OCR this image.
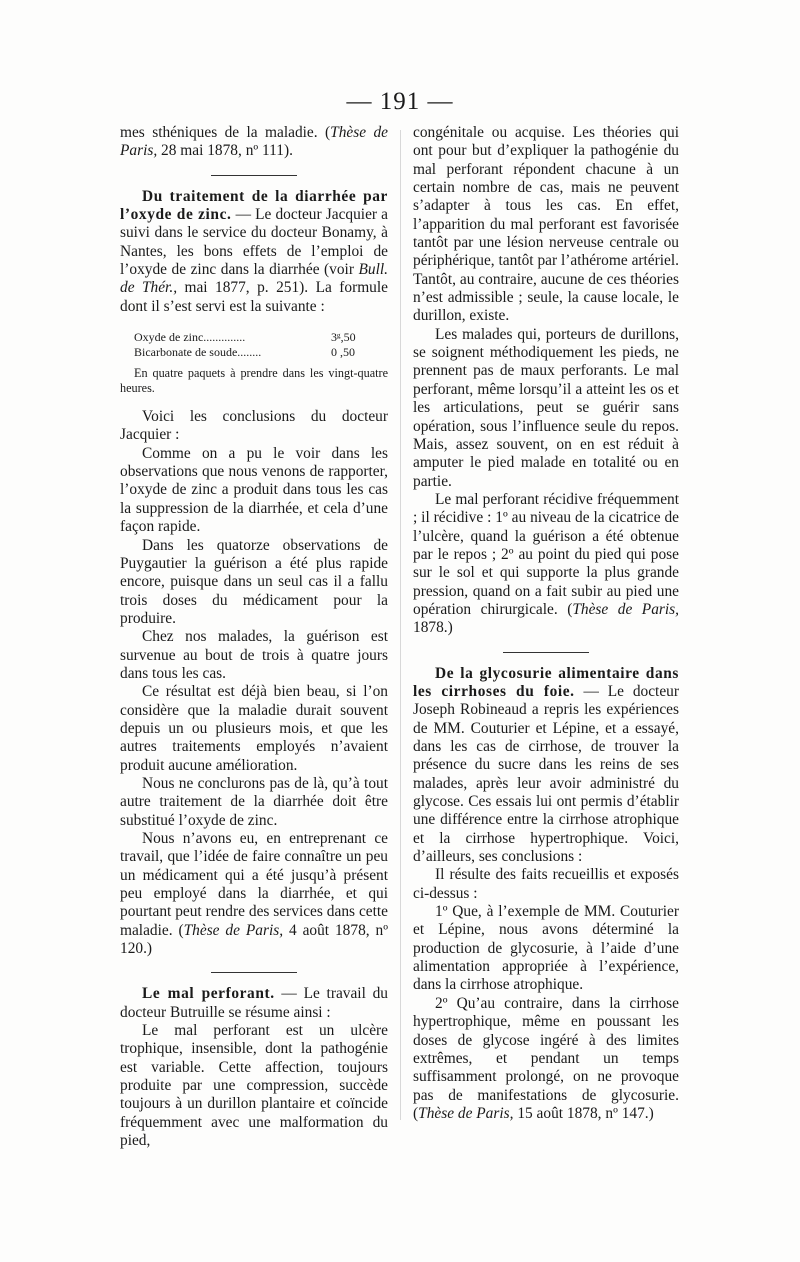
— 191 —

mes sthéniques de la maladie. (Thèse de Paris, 28 mai 1878, nº 111).

Du traitement de la diarrhée par l’oxyde de zinc. — Le docteur Jacquier a suivi dans le service du docteur Bonamy, à Nantes, les bons effets de l’emploi de l’oxyde de zinc dans la diarrhée (voir Bull. de Thér., mai 1877, p. 251). La formule dont il s’est servi est la suivante :

Oxyde de zinc..............	3ᵍ,50
Bicarbonate de soude........	0 ,50

En quatre paquets à prendre dans les vingt-quatre heures.

Voici les conclusions du docteur Jacquier :

Comme on a pu le voir dans les observations que nous venons de rapporter, l’oxyde de zinc a produit dans tous les cas la suppression de la diarrhée, et cela d’une façon rapide.

Dans les quatorze observations de Puygautier la guérison a été plus rapide encore, puisque dans un seul cas il a fallu trois doses du médicament pour la produire.

Chez nos malades, la guérison est survenue au bout de trois à quatre jours dans tous les cas.

Ce résultat est déjà bien beau, si l’on considère que la maladie durait souvent depuis un ou plusieurs mois, et que les autres traitements employés n’avaient produit aucune amélioration.

Nous ne conclurons pas de là, qu’à tout autre traitement de la diarrhée doit être substitué l’oxyde de zinc.

Nous n’avons eu, en entreprenant ce travail, que l’idée de faire connaître un peu un médicament qui a été jusqu’à présent peu employé dans la diarrhée, et qui pourtant peut rendre des services dans cette maladie. (Thèse de Paris, 4 août 1878, nº 120.)

Le mal perforant. — Le travail du docteur Butruille se résume ainsi :

Le mal perforant est un ulcère trophique, insensible, dont la pathogénie est variable. Cette affection, toujours produite par une compression, succède toujours à un durillon plantaire et coïncide fréquemment avec une malformation du pied,

congénitale ou acquise. Les théories qui ont pour but d’expliquer la pathogénie du mal perforant répondent chacune à un certain nombre de cas, mais ne peuvent s’adapter à tous les cas. En effet, l’apparition du mal perforant est favorisée tantôt par une lésion nerveuse centrale ou périphérique, tantôt par l’athérome artériel. Tantôt, au contraire, aucune de ces théories n’est admissible ; seule, la cause locale, le durillon, existe.

Les malades qui, porteurs de durillons, se soignent méthodiquement les pieds, ne prennent pas de maux perforants. Le mal perforant, même lorsqu’il a atteint les os et les articulations, peut se guérir sans opération, sous l’influence seule du repos. Mais, assez souvent, on en est réduit à amputer le pied malade en totalité ou en partie.

Le mal perforant récidive fréquemment ; il récidive : 1º au niveau de la cicatrice de l’ulcère, quand la guérison a été obtenue par le repos ; 2º au point du pied qui pose sur le sol et qui supporte la plus grande pression, quand on a fait subir au pied une opération chirurgicale. (Thèse de Paris, 1878.)

De la glycosurie alimentaire dans les cirrhoses du foie. — Le docteur Joseph Robineaud a repris les expériences de MM. Couturier et Lépine, et a essayé, dans les cas de cirrhose, de trouver la présence du sucre dans les reins de ses malades, après leur avoir administré du glycose. Ces essais lui ont permis d’établir une différence entre la cirrhose atrophique et la cirrhose hypertrophique. Voici, d’ailleurs, ses conclusions :

Il résulte des faits recueillis et exposés ci-dessus :

1º Que, à l’exemple de MM. Couturier et Lépine, nous avons déterminé la production de glycosurie, à l’aide d’une alimentation appropriée à l’expérience, dans la cirrhose atrophique.

2º Qu’au contraire, dans la cirrhose hypertrophique, même en poussant les doses de glycose ingéré à des limites extrêmes, et pendant un temps suffisamment prolongé, on ne provoque pas de manifestations de glycosurie. (Thèse de Paris, 15 août 1878, nº 147.)
